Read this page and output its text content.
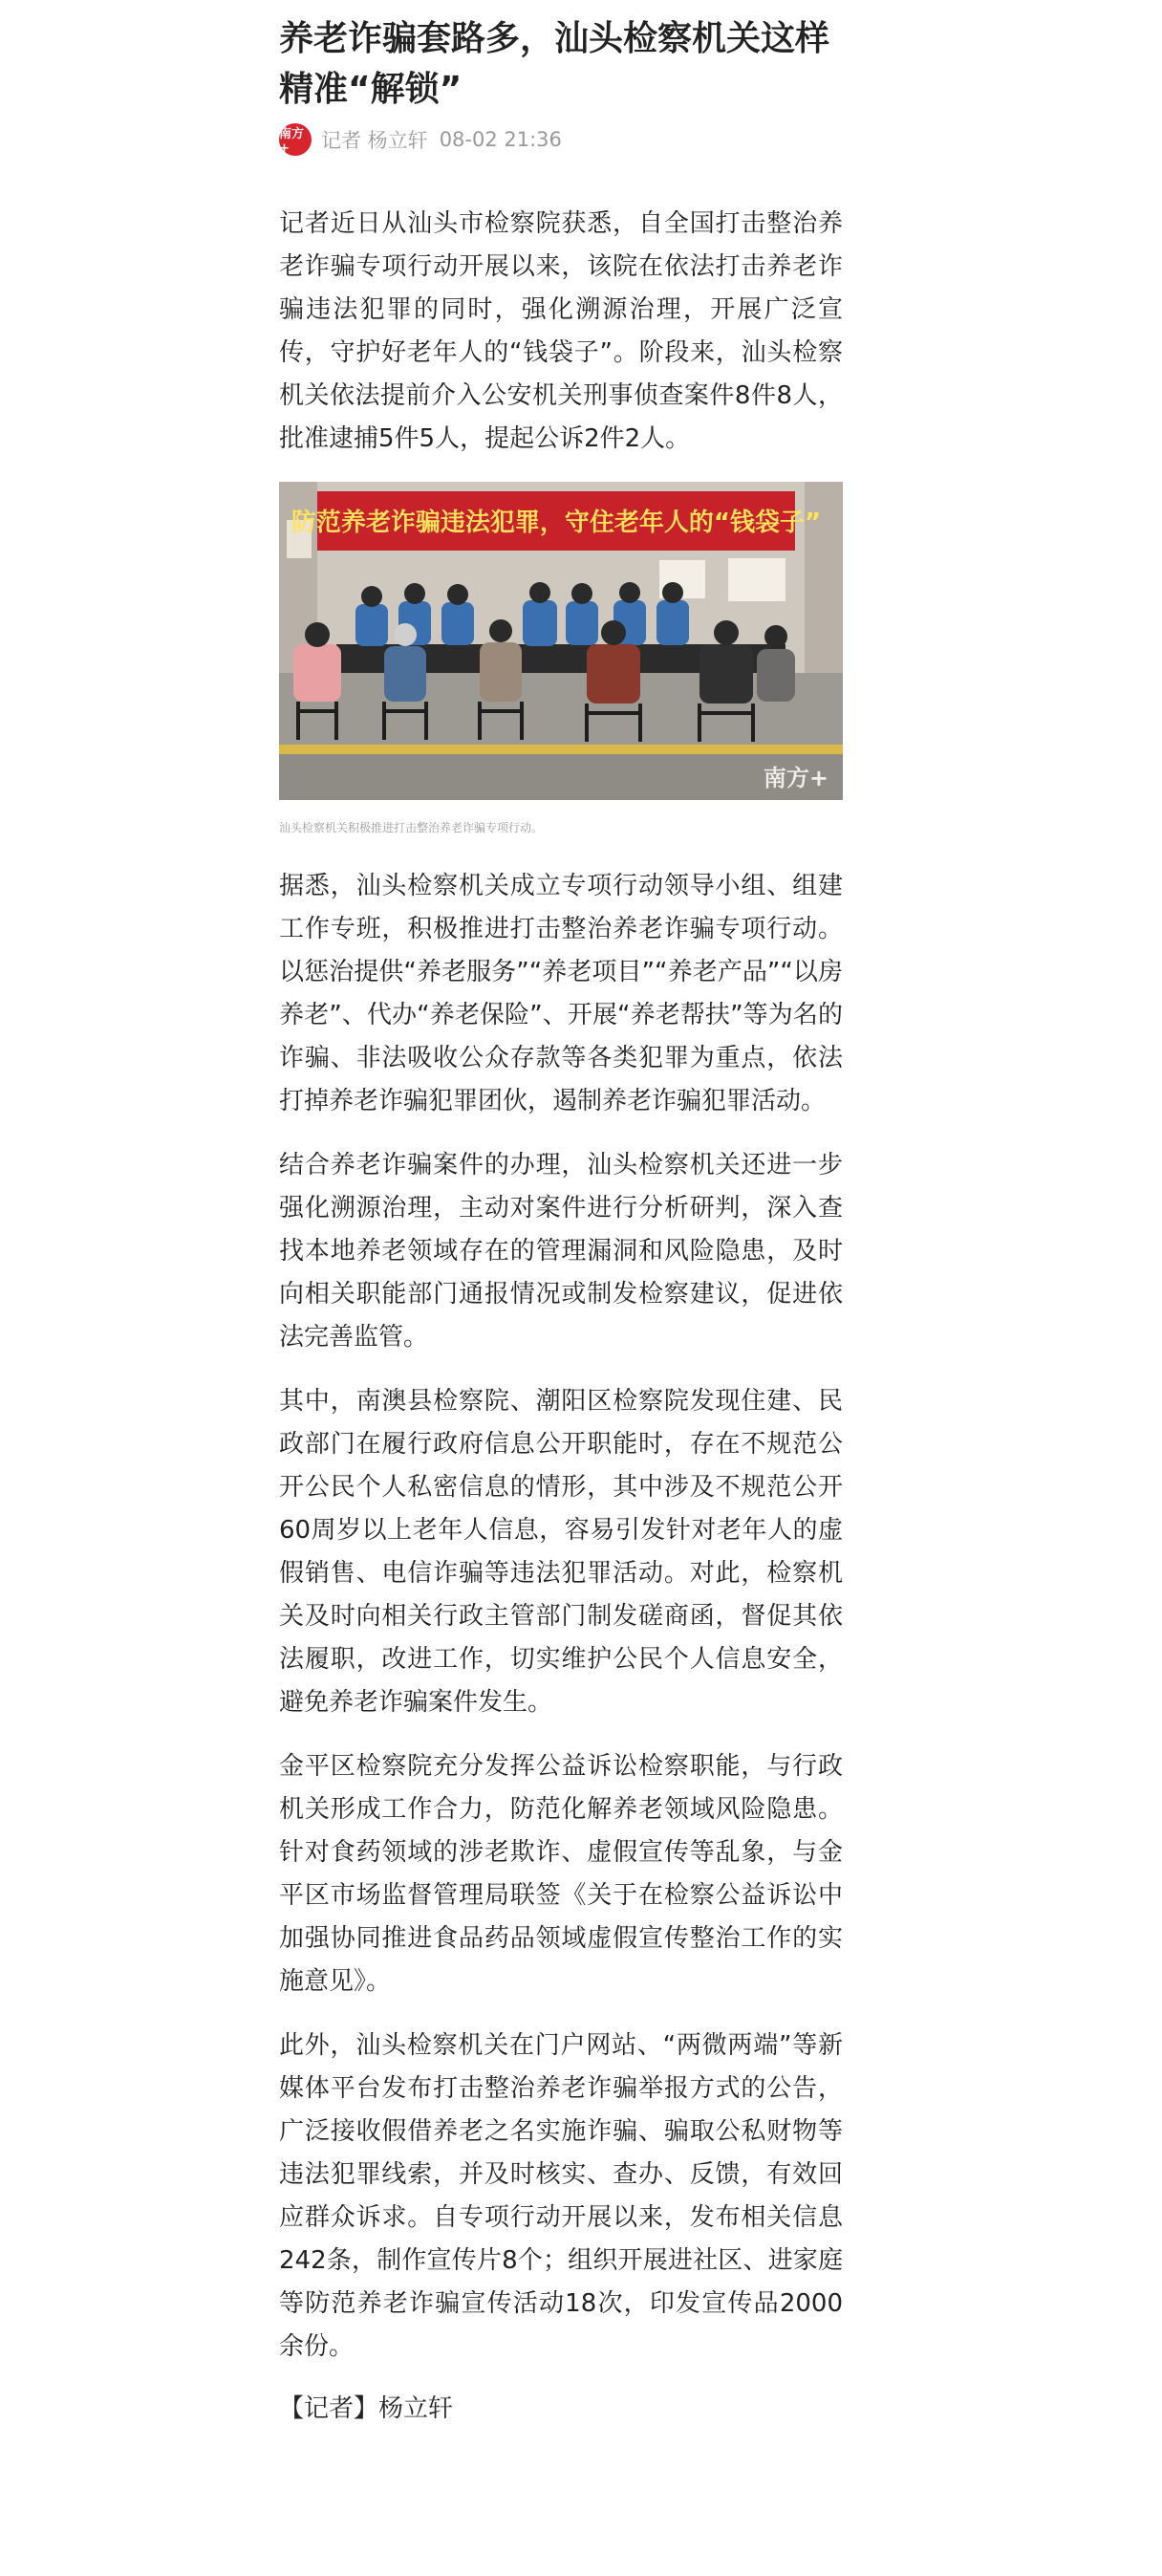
养老诈骗套路多，汕头检察机关这样精准“解锁”
南方+	记者 杨立轩 08-02 21:36

记者近日从汕头市检察院获悉，自全国打击整治养老诈骗专项行动开展以来，该院在依法打击养老诈骗违法犯罪的同时，强化溯源治理，开展广泛宣传，守护好老年人的“钱袋子”。阶段来，汕头检察机关依法提前介入公安机关刑事侦查案件8件8人，批准逮捕5件5人，提起公诉2件2人。

防范养老诈骗违法犯罪，守住老年人的“钱袋子”
南方+
汕头检察机关积极推进打击整治养老诈骗专项行动。

据悉，汕头检察机关成立专项行动领导小组、组建工作专班，积极推进打击整治养老诈骗专项行动。以惩治提供“养老服务”“养老项目”“养老产品”“以房养老”、代办“养老保险”、开展“养老帮扶”等为名的诈骗、非法吸收公众存款等各类犯罪为重点，依法打掉养老诈骗犯罪团伙，遏制养老诈骗犯罪活动。

结合养老诈骗案件的办理，汕头检察机关还进一步强化溯源治理，主动对案件进行分析研判，深入查找本地养老领域存在的管理漏洞和风险隐患，及时向相关职能部门通报情况或制发检察建议，促进依法完善监管。

其中，南澳县检察院、潮阳区检察院发现住建、民政部门在履行政府信息公开职能时，存在不规范公开公民个人私密信息的情形，其中涉及不规范公开60周岁以上老年人信息，容易引发针对老年人的虚假销售、电信诈骗等违法犯罪活动。对此，检察机关及时向相关行政主管部门制发磋商函，督促其依法履职，改进工作，切实维护公民个人信息安全，避免养老诈骗案件发生。

金平区检察院充分发挥公益诉讼检察职能，与行政机关形成工作合力，防范化解养老领域风险隐患。针对食药领域的涉老欺诈、虚假宣传等乱象，与金平区市场监督管理局联签《关于在检察公益诉讼中加强协同推进食品药品领域虚假宣传整治工作的实施意见》。

此外，汕头检察机关在门户网站、“两微两端”等新媒体平台发布打击整治养老诈骗举报方式的公告，广泛接收假借养老之名实施诈骗、骗取公私财物等违法犯罪线索，并及时核实、查办、反馈，有效回应群众诉求。自专项行动开展以来，发布相关信息242条，制作宣传片8个；组织开展进社区、进家庭等防范养老诈骗宣传活动18次，印发宣传品2000余份。

【记者】杨立轩
